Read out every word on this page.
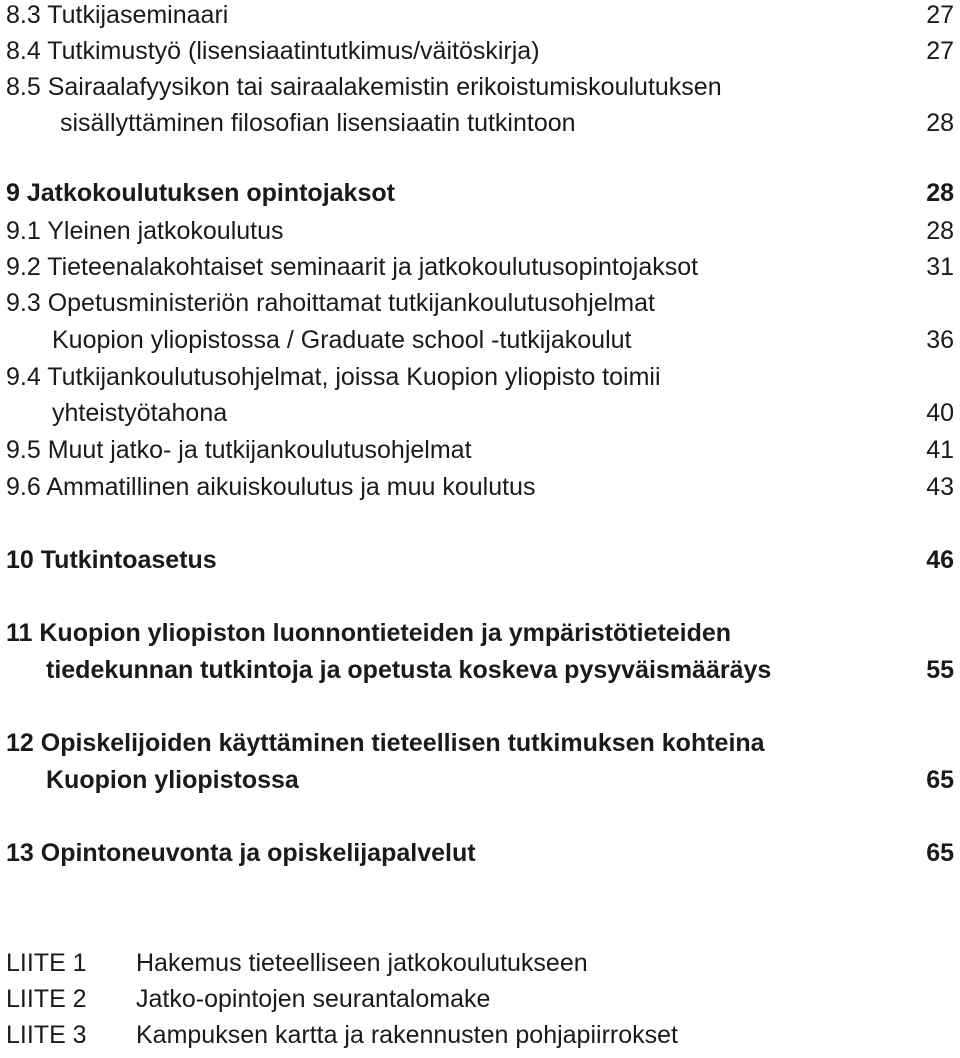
8.3 Tutkijaseminaari	27
8.4 Tutkimustyö (lisensiaatintutkimus/väitöskirja)	27
8.5 Sairaalafyysikon tai sairaalakemistin erikoistumiskoulutuksen
sisällyttäminen filosofian lisensiaatin tutkintoon	28
9 Jatkokoulutuksen opintojaksot	28
9.1 Yleinen jatkokoulutus	28
9.2 Tieteenalakohtaiset seminaarit ja jatkokoulutusopintojaksot	31
9.3 Opetusministeriön rahoittamat tutkijankoulutusohjelmat
Kuopion yliopistossa / Graduate school -tutkijakoulut	36
9.4 Tutkijankoulutusohjelmat, joissa Kuopion yliopisto toimii
yhteistyötahona	40
9.5 Muut jatko- ja tutkijankoulutusohjelmat	41
9.6 Ammatillinen aikuiskoulutus ja muu koulutus	43
10 Tutkintoasetus	46
11 Kuopion yliopiston luonnontieteiden ja ympäristötieteiden
tiedekunnan tutkintoja ja opetusta koskeva pysyväismääräys	55
12 Opiskelijoiden käyttäminen tieteellisen tutkimuksen kohteina
Kuopion yliopistossa	65
13 Opintoneuvonta ja opiskelijapalvelut	65
LIITE 1 Hakemus tieteelliseen jatkokoulutukseen
LIITE 2 Jatko-opintojen seurantalomake
LIITE 3 Kampuksen kartta ja rakennusten pohjapiirrokset
